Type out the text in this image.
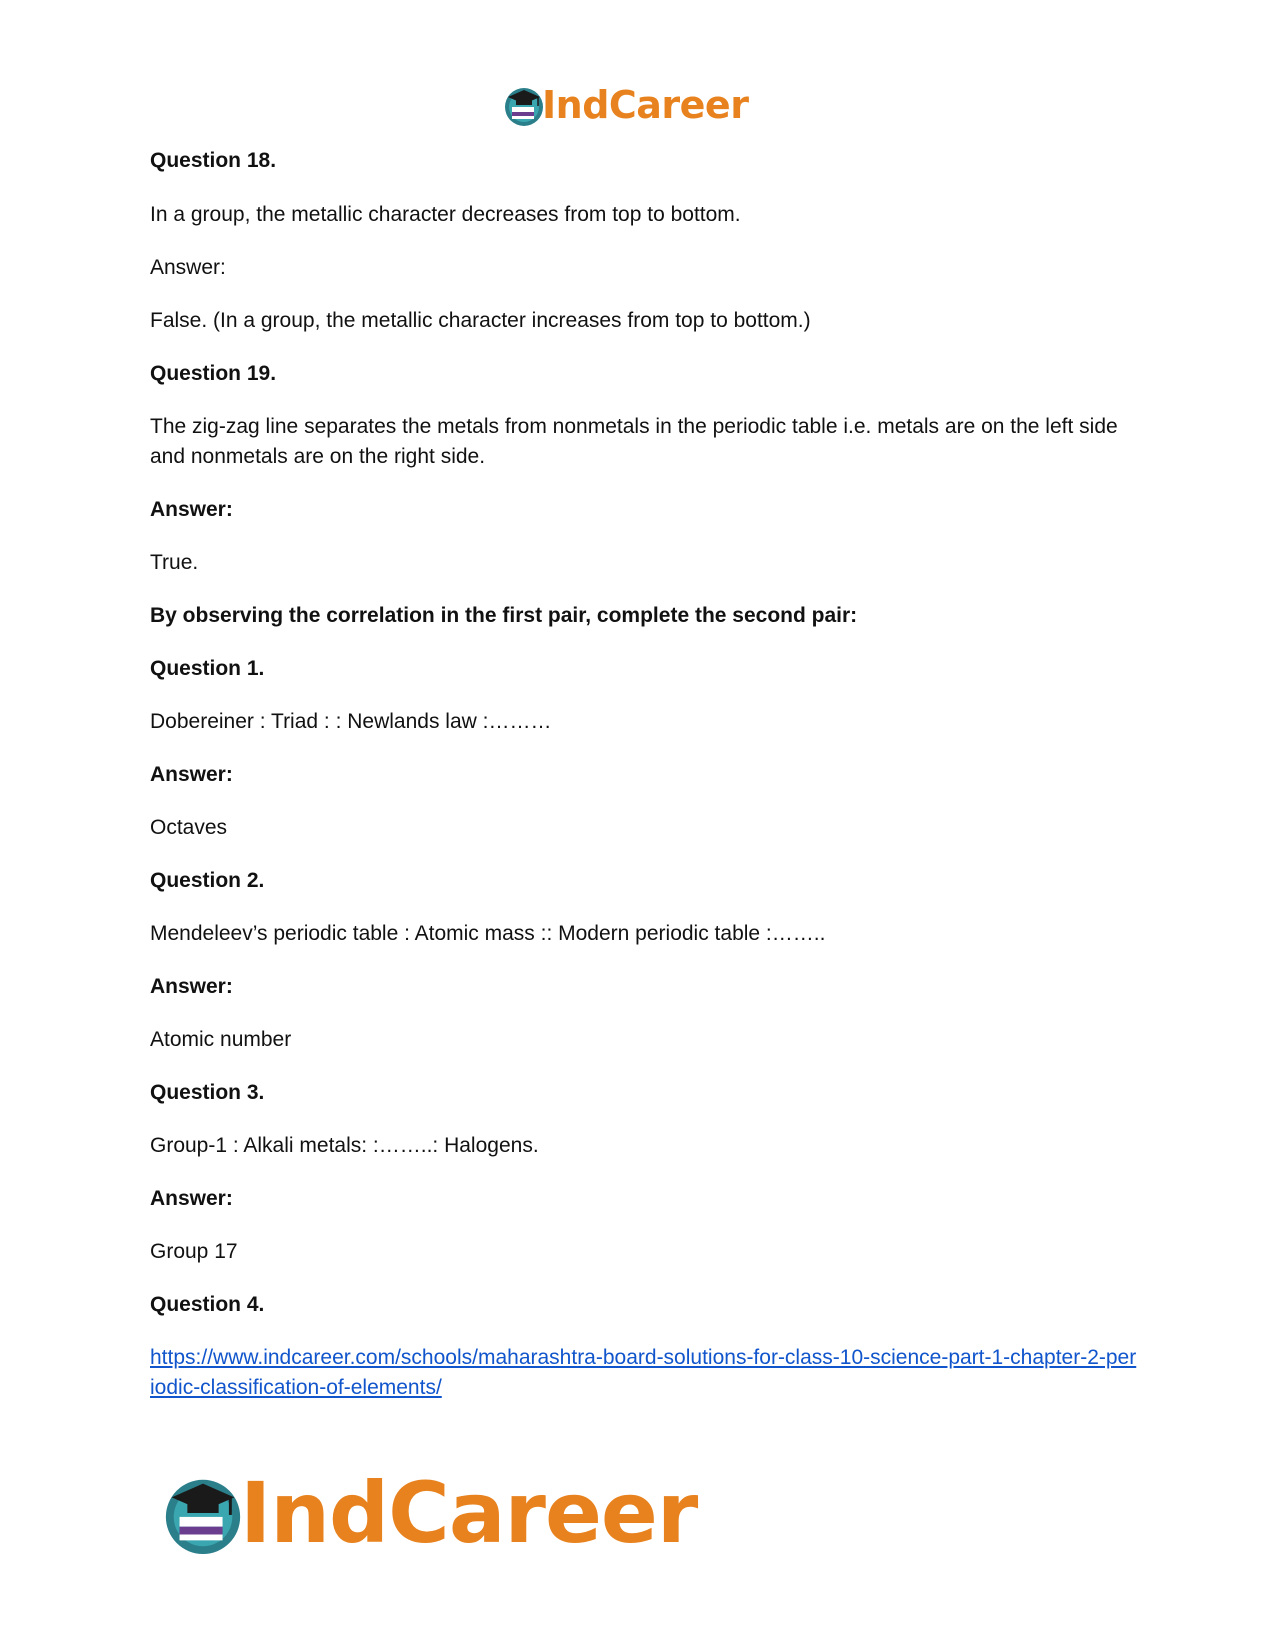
IndCareer
Question 18.
In a group, the metallic character decreases from top to bottom.
Answer:
False. (In a group, the metallic character increases from top to bottom.)
Question 19.
The zig-zag line separates the metals from nonmetals in the periodic table i.e. metals are on the left side and nonmetals are on the right side.
Answer:
True.
By observing the correlation in the first pair, complete the second pair:
Question 1.
Dobereiner : Triad : : Newlands law :………
Answer:
Octaves
Question 2.
Mendeleev’s periodic table : Atomic mass :: Modern periodic table :……..
Answer:
Atomic number
Question 3.
Group-1 : Alkali metals: :……..: Halogens.
Answer:
Group 17
Question 4.
https://www.indcareer.com/schools/maharashtra-board-solutions-for-class-10-science-part-1-chapter-2-periodic-classification-of-elements/
IndCareer
